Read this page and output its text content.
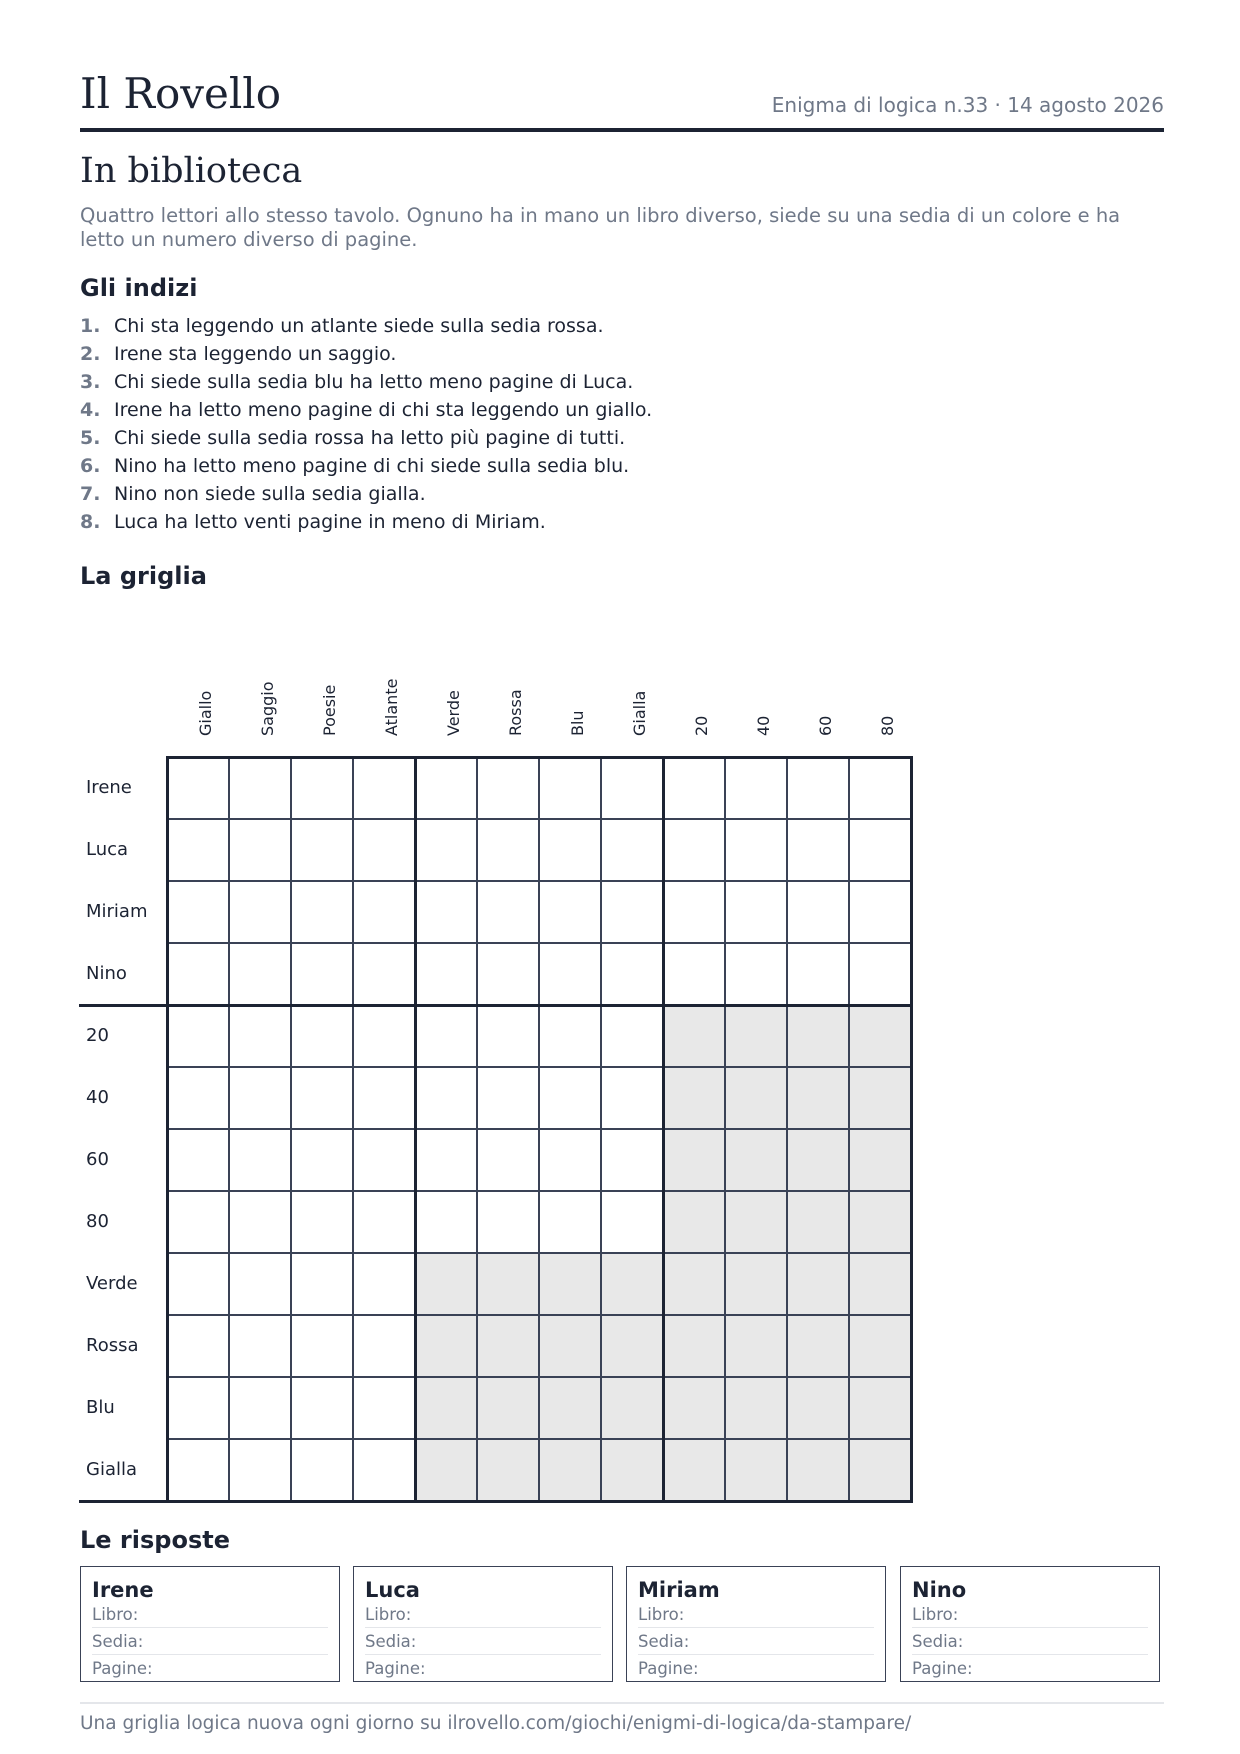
Il Rovello	Enigma di logica n.33 · 14 agosto 2026
In biblioteca
Quattro lettori allo stesso tavolo. Ognuno ha in mano un libro diverso, siede su una sedia di un colore e ha letto un numero diverso di pagine.
Gli indizi
1. Chi sta leggendo un atlante siede sulla sedia rossa.
2. Irene sta leggendo un saggio.
3. Chi siede sulla sedia blu ha letto meno pagine di Luca.
4. Irene ha letto meno pagine di chi sta leggendo un giallo.
5. Chi siede sulla sedia rossa ha letto più pagine di tutti.
6. Nino ha letto meno pagine di chi siede sulla sedia blu.
7. Nino non siede sulla sedia gialla.
8. Luca ha letto venti pagine in meno di Miriam.
La griglia
Giallo	Saggio	Poesie	Atlante	Verde	Rossa	Blu	Gialla	20	40	60	80
Irene
Luca
Miriam
Nino
20
40
60
80
Verde
Rossa
Blu
Gialla
Le risposte
Irene
Libro:
Sedia:
Pagine:
Luca
Libro:
Sedia:
Pagine:
Miriam
Libro:
Sedia:
Pagine:
Nino
Libro:
Sedia:
Pagine:
Una griglia logica nuova ogni giorno su ilrovello.com/giochi/enigmi-di-logica/da-stampare/
